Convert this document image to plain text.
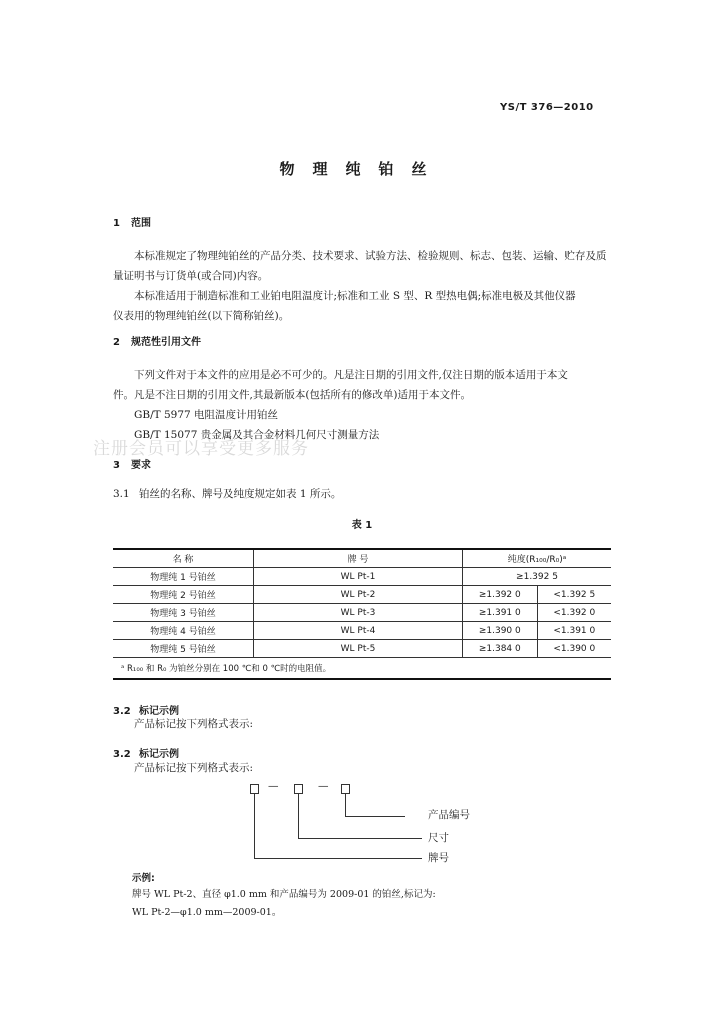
YS/T 376—2010
物理纯铂丝
1 范围
本标准规定了物理纯铂丝的产品分类、技术要求、试验方法、检验规则、标志、包装、运输、贮存及质
量证明书与订货单(或合同)内容。
本标准适用于制造标准和工业铂电阻温度计;标准和工业 S 型、R 型热电偶;标准电极及其他仪器
仪表用的物理纯铂丝(以下简称铂丝)。
2 规范性引用文件
下列文件对于本文件的应用是必不可少的。凡是注日期的引用文件,仅注日期的版本适用于本文
件。凡是不注日期的引用文件,其最新版本(包括所有的修改单)适用于本文件。
GB/T 5977 电阻温度计用铂丝
GB/T 15077 贵金属及其合金材料几何尺寸测量方法
注册会员可以享受更多服务
3 要求
3.1 铂丝的名称、牌号及纯度规定如表 1 所示。
表 1
名 称	牌 号	纯度(R₁₀₀/R₀)ᵃ	
物理纯 1 号铂丝	WL Pt-1	≥1.392 5	
物理纯 2 号铂丝	WL Pt-2	≥1.392 0	<1.392 5
物理纯 3 号铂丝	WL Pt-3	≥1.391 0	<1.392 0
物理纯 4 号铂丝	WL Pt-4	≥1.390 0	<1.391 0
物理纯 5 号铂丝	WL Pt-5	≥1.384 0	<1.390 0
ᵃ R₁₀₀ 和 R₀ 为铂丝分别在 100 ℃和 0 ℃时的电阻值。			
3.2 标记示例
产品标记按下列格式表示:
3.2 标记示例
产品标记按下列格式表示:
—	—
产品编号
尺寸
牌号
示例:
牌号 WL Pt-2、直径 φ1.0 mm 和产品编号为 2009-01 的铂丝,标记为:
WL Pt-2—φ1.0 mm—2009-01。
